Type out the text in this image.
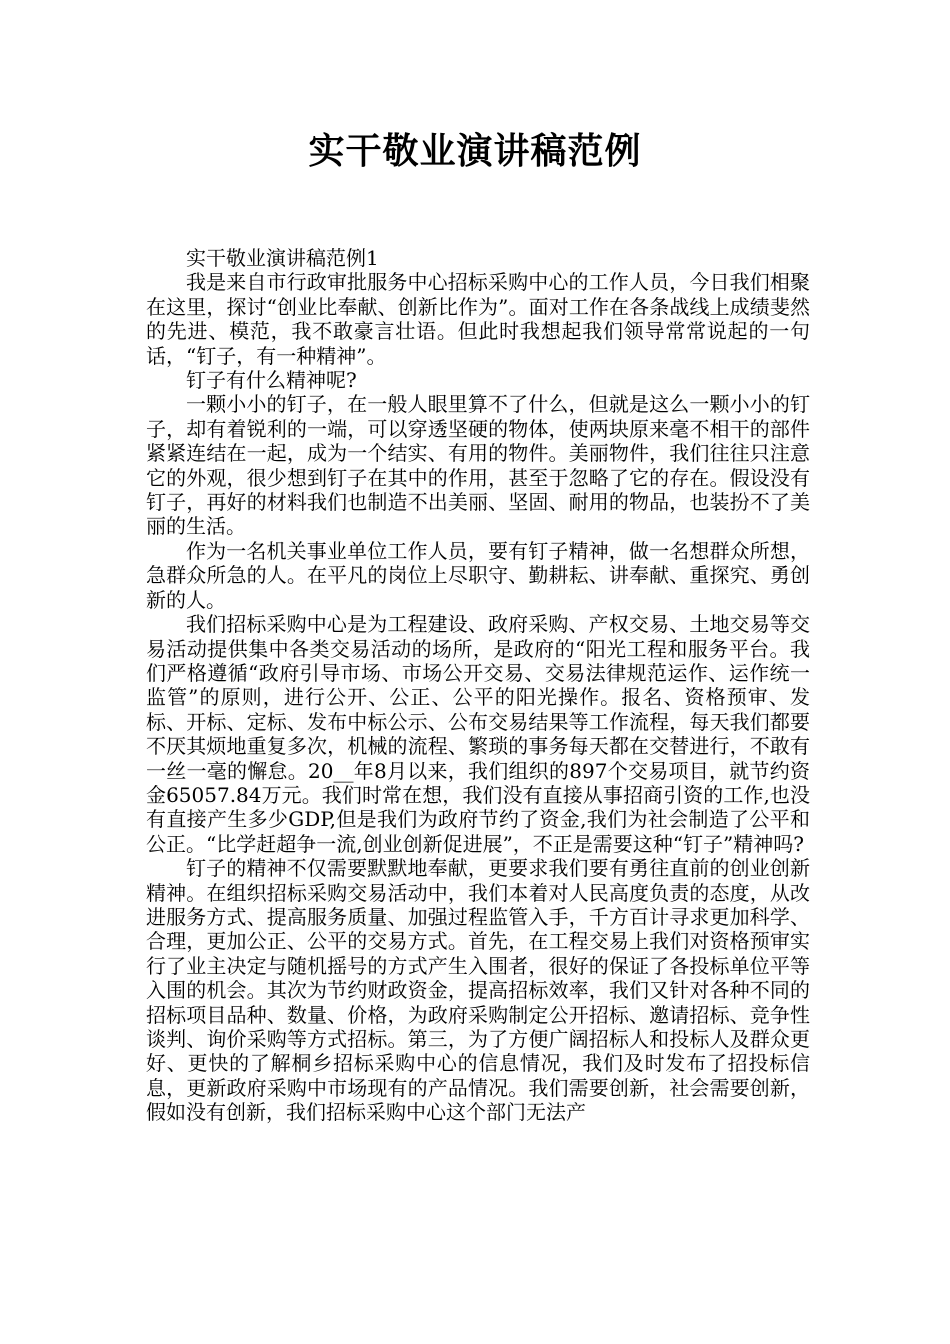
实干敬业演讲稿范例

实干敬业演讲稿范例1

我是来自市行政审批服务中心招标采购中心的工作人员，今日我们相聚在这里，探讨“创业比奉献、创新比作为”。面对工作在各条战线上成绩斐然的先进、模范，我不敢豪言壮语。但此时我想起我们领导常常说起的一句话，“钉子，有一种精神”。

钉子有什么精神呢?

一颗小小的钉子，在一般人眼里算不了什么，但就是这么一颗小小的钉子，却有着锐利的一端，可以穿透坚硬的物体，使两块原来毫不相干的部件紧紧连结在一起，成为一个结实、有用的物件。美丽物件，我们往往只注意它的外观，很少想到钉子在其中的作用，甚至于忽略了它的存在。假设没有钉子，再好的材料我们也制造不出美丽、坚固、耐用的物品，也装扮不了美丽的生活。

作为一名机关事业单位工作人员，要有钉子精神，做一名想群众所想，急群众所急的人。在平凡的岗位上尽职守、勤耕耘、讲奉献、重探究、勇创新的人。

我们招标采购中心是为工程建设、政府采购、产权交易、土地交易等交易活动提供集中各类交易活动的场所，是政府的“阳光工程和服务平台。我们严格遵循“政府引导市场、市场公开交易、交易法律规范运作、运作统一监管”的原则，进行公开、公正、公平的阳光操作。报名、资格预审、发标、开标、定标、发布中标公示、公布交易结果等工作流程，每天我们都要不厌其烦地重复多次，机械的流程、繁琐的事务每天都在交替进行，不敢有一丝一毫的懈怠。20__年8月以来，我们组织的897个交易项目，就节约资金65057.84万元。我们时常在想，我们没有直接从事招商引资的工作,也没有直接产生多少GDP,但是我们为政府节约了资金,我们为社会制造了公平和公正。“比学赶超争一流,创业创新促进展”，不正是需要这种“钉子”精神吗?

钉子的精神不仅需要默默地奉献，更要求我们要有勇往直前的创业创新精神。在组织招标采购交易活动中，我们本着对人民高度负责的态度，从改进服务方式、提高服务质量、加强过程监管入手，千方百计寻求更加科学、合理，更加公正、公平的交易方式。首先，在工程交易上我们对资格预审实行了业主决定与随机摇号的方式产生入围者，很好的保证了各投标单位平等入围的机会。其次为节约财政资金，提高招标效率，我们又针对各种不同的招标项目品种、数量、价格，为政府采购制定公开招标、邀请招标、竞争性谈判、询价采购等方式招标。第三，为了方便广阔招标人和投标人及群众更好、更快的了解桐乡招标采购中心的信息情况，我们及时发布了招投标信息，更新政府采购中市场现有的产品情况。我们需要创新，社会需要创新，假如没有创新，我们招标采购中心这个部门无法产
